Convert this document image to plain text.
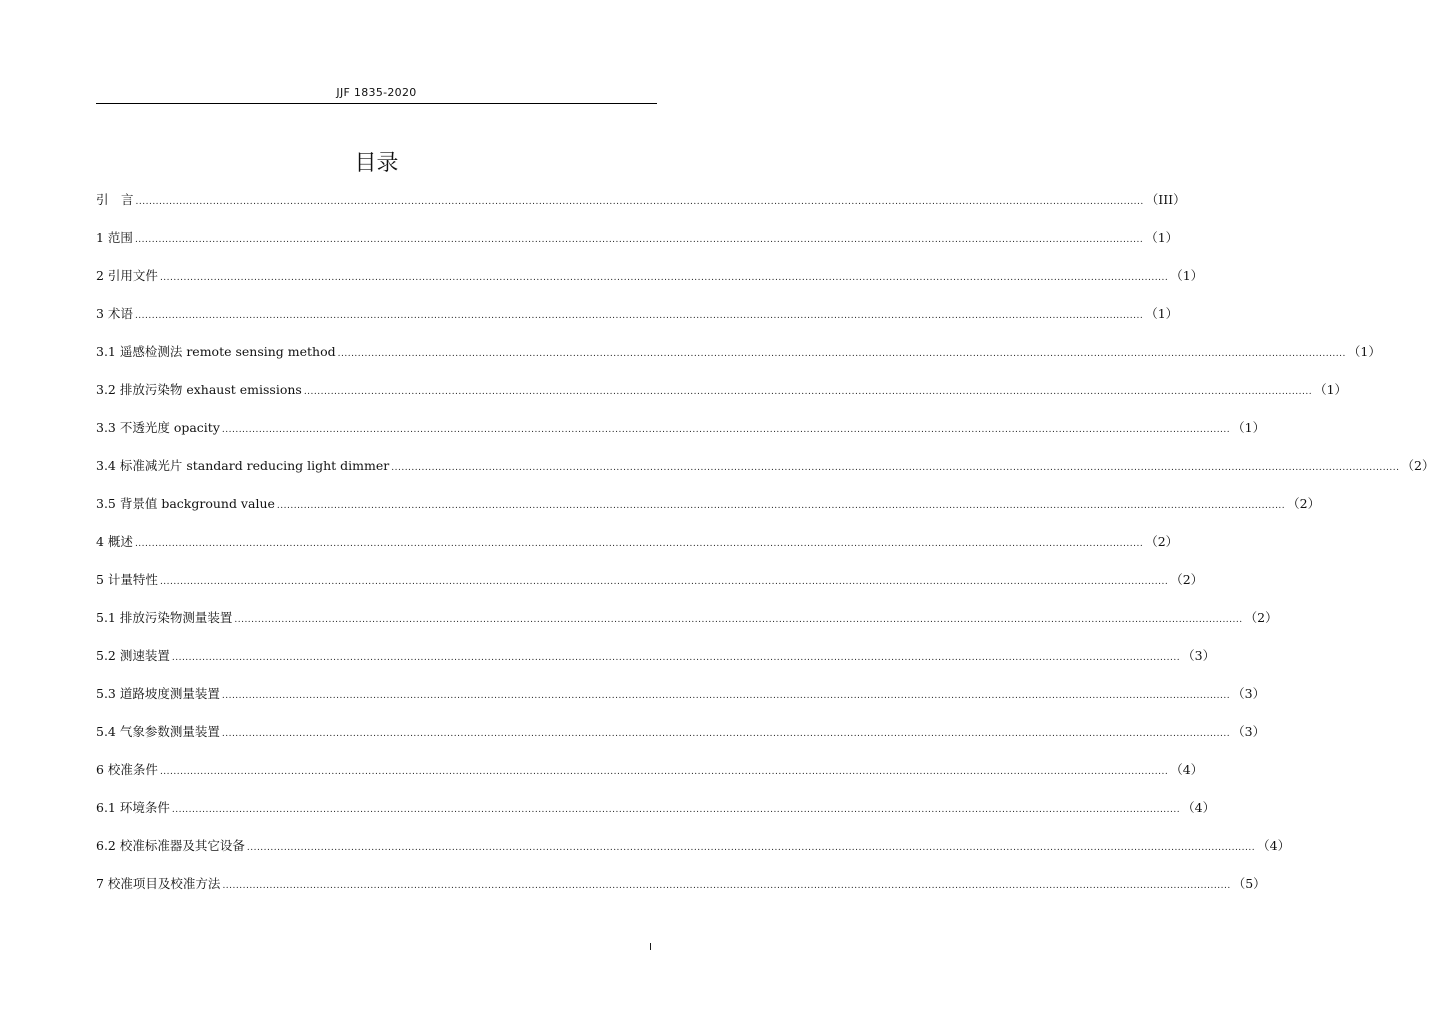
JJF 1835-2020
目录
引　言 ............................................................................................................................................................................................................................................................................................................ （III）
1 范围 ............................................................................................................................................................................................................................................................................................................ （1）
2 引用文件 ............................................................................................................................................................................................................................................................................................................ （1）
3 术语 ............................................................................................................................................................................................................................................................................................................ （1）
3.1 遥感检测法 remote sensing method ............................................................................................................................................................................................................................................................................................................ （1）
3.2 排放污染物 exhaust emissions ............................................................................................................................................................................................................................................................................................................ （1）
3.3 不透光度 opacity ............................................................................................................................................................................................................................................................................................................ （1）
3.4 标准减光片 standard reducing light dimmer ............................................................................................................................................................................................................................................................................................................ （2）
3.5 背景值 background value ............................................................................................................................................................................................................................................................................................................ （2）
4 概述 ............................................................................................................................................................................................................................................................................................................ （2）
5 计量特性 ............................................................................................................................................................................................................................................................................................................ （2）
5.1 排放污染物测量装置 ............................................................................................................................................................................................................................................................................................................ （2）
5.2 测速装置 ............................................................................................................................................................................................................................................................................................................ （3）
5.3 道路坡度测量装置 ............................................................................................................................................................................................................................................................................................................ （3）
5.4 气象参数测量装置 ............................................................................................................................................................................................................................................................................................................ （3）
6 校准条件 ............................................................................................................................................................................................................................................................................................................ （4）
6.1 环境条件 ............................................................................................................................................................................................................................................................................................................ （4）
6.2 校准标准器及其它设备 ............................................................................................................................................................................................................................................................................................................ （4）
7 校准项目及校准方法 ............................................................................................................................................................................................................................................................................................................ （5）
I
